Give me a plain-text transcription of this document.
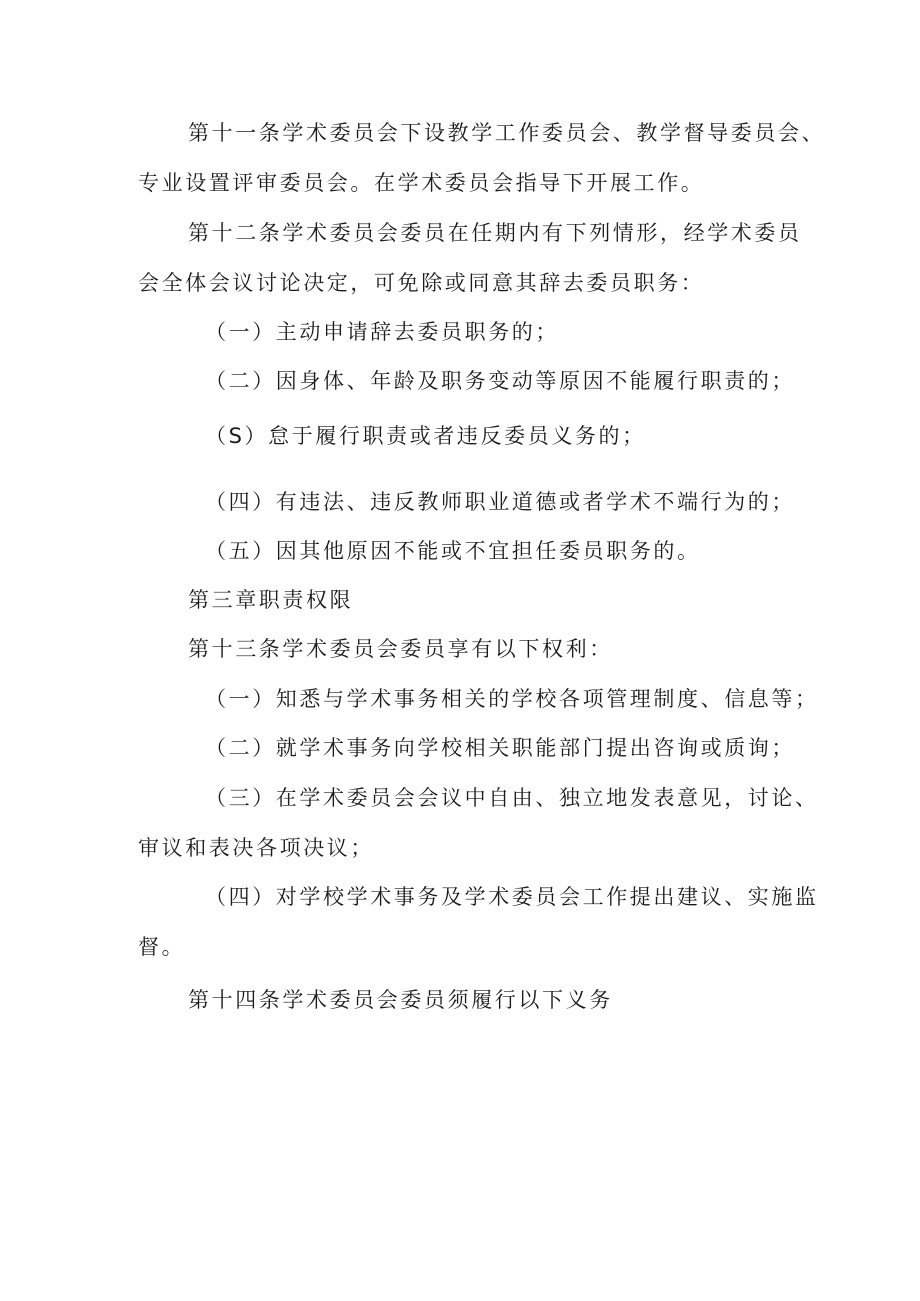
第十一条学术委员会下设教学工作委员会、教学督导委员会、
专业设置评审委员会。在学术委员会指导下开展工作。
第十二条学术委员会委员在任期内有下列情形，经学术委员
会全体会议讨论决定，可免除或同意其辞去委员职务：
（一）主动申请辞去委员职务的；
（二）因身体、年龄及职务变动等原因不能履行职责的；
（S）怠于履行职责或者违反委员义务的；
（四）有违法、违反教师职业道德或者学术不端行为的；
（五）因其他原因不能或不宜担任委员职务的。
第三章职责权限
第十三条学术委员会委员享有以下权利：
（一）知悉与学术事务相关的学校各项管理制度、信息等；
（二）就学术事务向学校相关职能部门提出咨询或质询；
（三）在学术委员会会议中自由、独立地发表意见，讨论、
审议和表决各项决议；
（四）对学校学术事务及学术委员会工作提出建议、实施监
督。
第十四条学术委员会委员须履行以下义务
